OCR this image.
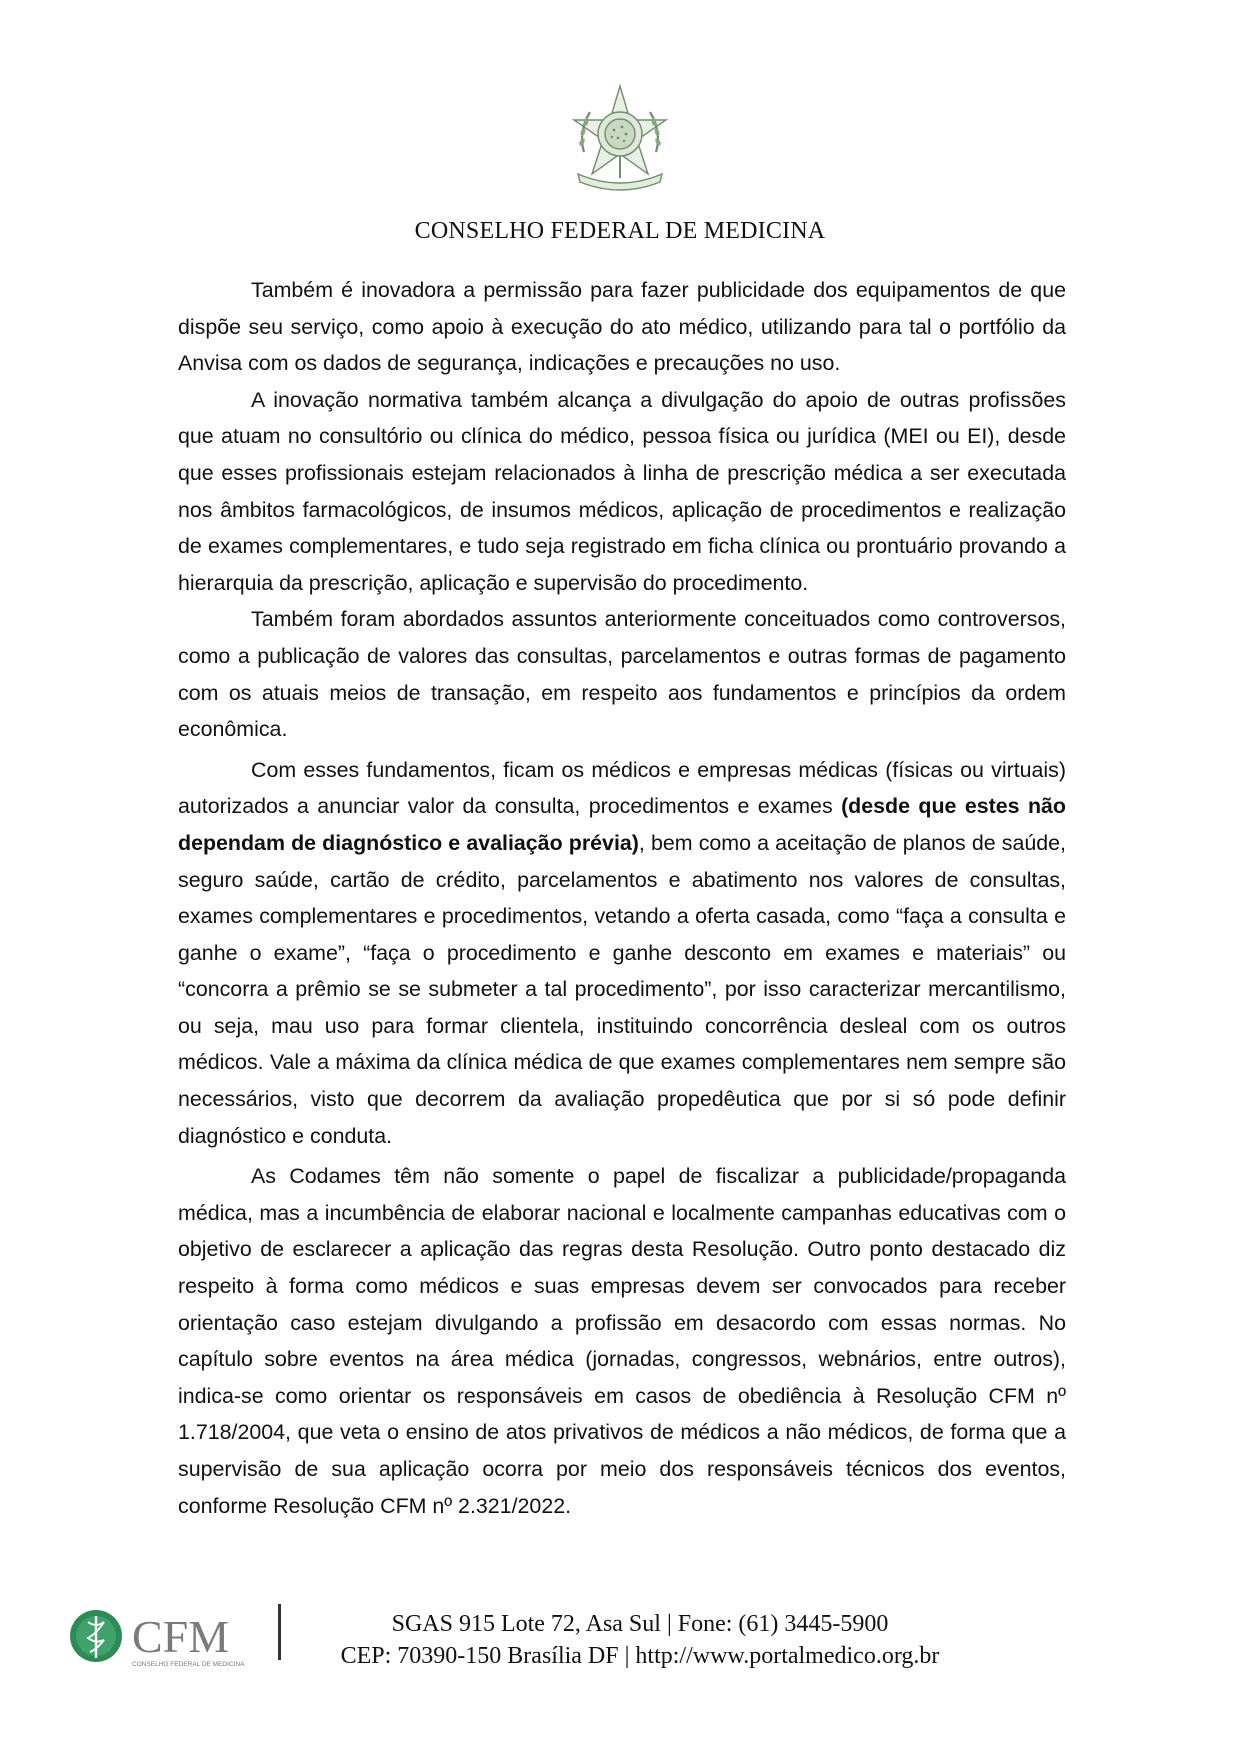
CONSELHO FEDERAL DE MEDICINA

Também é inovadora a permissão para fazer publicidade dos equipamentos de que dispõe seu serviço, como apoio à execução do ato médico, utilizando para tal o portfólio da Anvisa com os dados de segurança, indicações e precauções no uso.

A inovação normativa também alcança a divulgação do apoio de outras profissões que atuam no consultório ou clínica do médico, pessoa física ou jurídica (MEI ou EI), desde que esses profissionais estejam relacionados à linha de prescrição médica a ser executada nos âmbitos farmacológicos, de insumos médicos, aplicação de procedimentos e realização de exames complementares, e tudo seja registrado em ficha clínica ou prontuário provando a hierarquia da prescrição, aplicação e supervisão do procedimento.

Também foram abordados assuntos anteriormente conceituados como controversos, como a publicação de valores das consultas, parcelamentos e outras formas de pagamento com os atuais meios de transação, em respeito aos fundamentos e princípios da ordem econômica.

Com esses fundamentos, ficam os médicos e empresas médicas (físicas ou virtuais) autorizados a anunciar valor da consulta, procedimentos e exames (desde que estes não dependam de diagnóstico e avaliação prévia), bem como a aceitação de planos de saúde, seguro saúde, cartão de crédito, parcelamentos e abatimento nos valores de consultas, exames complementares e procedimentos, vetando a oferta casada, como “faça a consulta e ganhe o exame”, “faça o procedimento e ganhe desconto em exames e materiais” ou “concorra a prêmio se se submeter a tal procedimento”, por isso caracterizar mercantilismo, ou seja, mau uso para formar clientela, instituindo concorrência desleal com os outros médicos. Vale a máxima da clínica médica de que exames complementares nem sempre são necessários, visto que decorrem da avaliação propedêutica que por si só pode definir diagnóstico e conduta.

As Codames têm não somente o papel de fiscalizar a publicidade/propaganda médica, mas a incumbência de elaborar nacional e localmente campanhas educativas com o objetivo de esclarecer a aplicação das regras desta Resolução. Outro ponto destacado diz respeito à forma como médicos e suas empresas devem ser convocados para receber orientação caso estejam divulgando a profissão em desacordo com essas normas. No capítulo sobre eventos na área médica (jornadas, congressos, webnários, entre outros), indica-se como orientar os responsáveis em casos de obediência à Resolução CFM nº 1.718/2004, que veta o ensino de atos privativos de médicos a não médicos, de forma que a supervisão de sua aplicação ocorra por meio dos responsáveis técnicos dos eventos, conforme Resolução CFM nº 2.321/2022.

CFM
CONSELHO FEDERAL DE MEDICINA
SGAS 915 Lote 72, Asa Sul | Fone: (61) 3445-5900
CEP: 70390-150 Brasília DF | http://www.portalmedico.org.br
